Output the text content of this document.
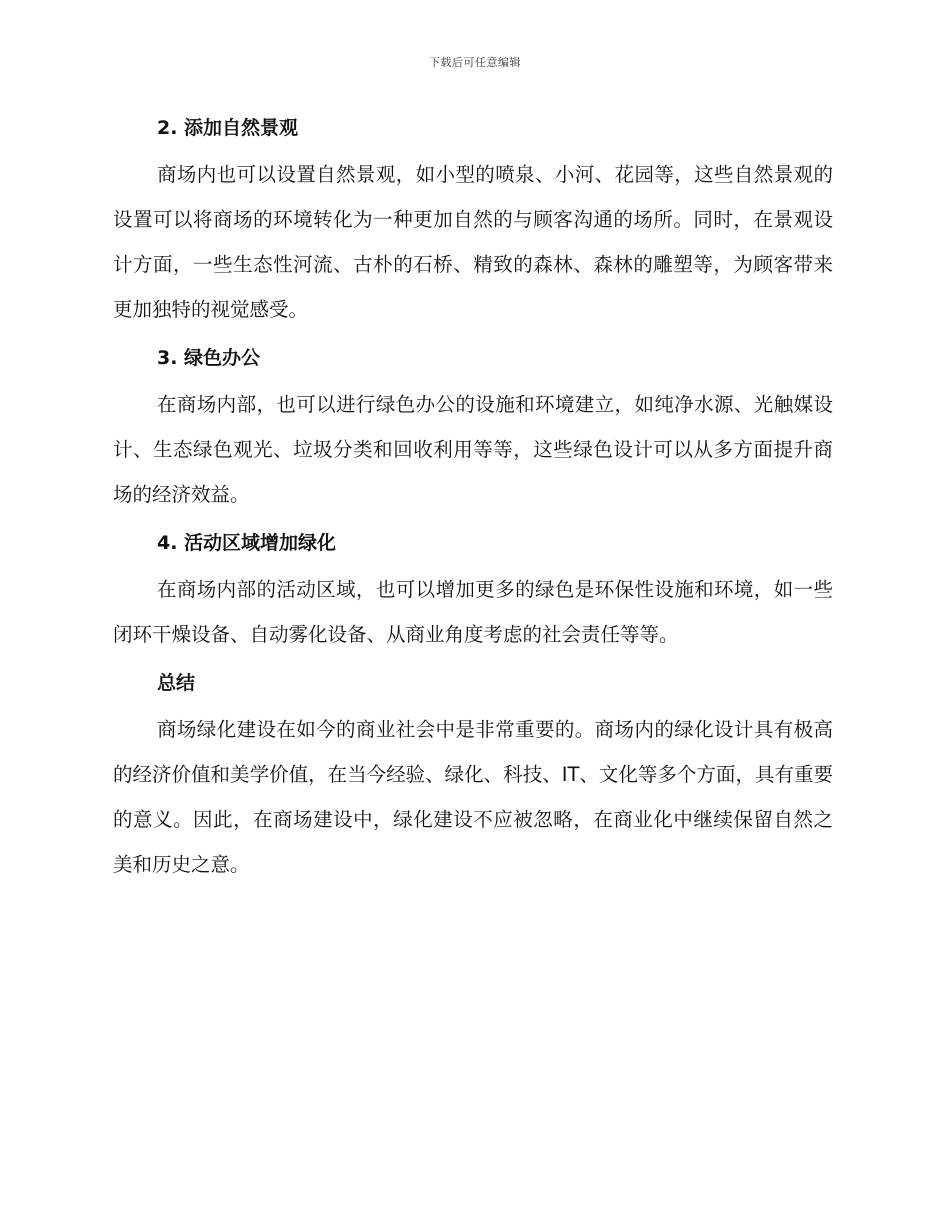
下载后可任意编辑
2. 添加自然景观

商场内也可以设置自然景观，如小型的喷泉、小河、花园等，这些自然景观的设置可以将商场的环境转化为一种更加自然的与顾客沟通的场所。同时，在景观设计方面，一些生态性河流、古朴的石桥、精致的森林、森林的雕塑等，为顾客带来更加独特的视觉感受。

3. 绿色办公

在商场内部，也可以进行绿色办公的设施和环境建立，如纯净水源、光触媒设计、生态绿色观光、垃圾分类和回收利用等等，这些绿色设计可以从多方面提升商场的经济效益。

4. 活动区域增加绿化

在商场内部的活动区域，也可以增加更多的绿色是环保性设施和环境，如一些闭环干燥设备、自动雾化设备、从商业角度考虑的社会责任等等。

总结

商场绿化建设在如今的商业社会中是非常重要的。商场内的绿化设计具有极高的经济价值和美学价值，在当今经验、绿化、科技、IT、文化等多个方面，具有重要的意义。因此，在商场建设中，绿化建设不应被忽略，在商业化中继续保留自然之美和历史之意。
